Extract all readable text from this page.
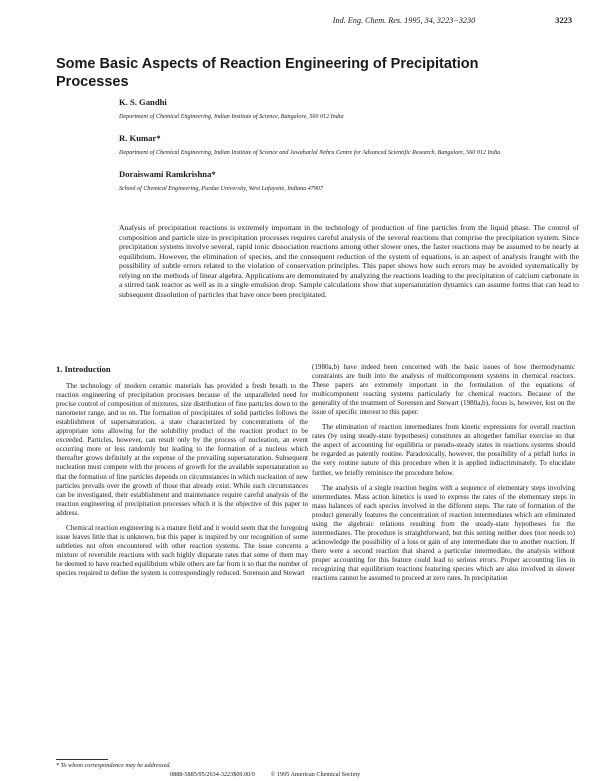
Ind. Eng. Chem. Res. 1995, 34, 3223−3230	3223
Some Basic Aspects of Reaction Engineering of Precipitation Processes
K. S. Gandhi
Department of Chemical Engineering, Indian Institute of Science, Bangalore, 560 012 India
R. Kumar*
Department of Chemical Engineering, Indian Institute of Science and Jawaharlal Nehru Centre for Advanced Scientific Research, Bangalore, 560 012 India
Doraiswami Ramkrishna*
School of Chemical Engineering, Purdue University, West Lafayette, Indiana 47907

Analysis of precipitation reactions is extremely important in the technology of production of fine particles from the liquid phase. The control of composition and particle size in precipitation processes requires careful analysis of the several reactions that comprise the precipitation system. Since precipitation systems involve several, rapid ionic dissociation reactions among other slower ones, the faster reactions may be assumed to be nearly at equilibrium. However, the elimination of species, and the consequent reduction of the system of equations, is an aspect of analysis fraught with the possibility of subtle errors related to the violation of conservation principles. This paper shows how such errors may be avoided systematically by relying on the methods of linear algebra. Applications are demonstrated by analyzing the reactions leading to the precipitation of calcium carbonate in a stirred tank reactor as well as in a single emulsion drop. Sample calculations show that supersaturation dynamics can assume forms that can lead to subsequent dissolution of particles that have once been precipitated.

1. Introduction

The technology of modern ceramic materials has provided a fresh breath to the reaction engineering of precipitation processes because of the unparalleled need for precise control of composition of mixtures, size distribution of fine particles down to the nanometer range, and so on. The formation of precipitates of solid particles follows the establishment of supersaturation, a state characterized by concentrations of the appropriate ions allowing for the solubility product of the reaction product to be exceeded. Particles, however, can result only by the process of nucleation, an event occurring more or less randomly but leading to the formation of a nucleus which thereafter grows definitely at the expense of the prevailing supersaturation. Subsequent nucleation must compete with the process of growth for the available supersaturation so that the formation of fine particles depends on circumstances in which nucleation of new particles prevails over the growth of those that already exist. While such circumstances can be investigated, their establishment and maintenance require careful analysis of the reaction engineering of precipitation processes which it is the objective of this paper to address.

Chemical reaction engineering is a mature field and it would seem that the foregoing issue leaves little that is unknown, but this paper is inspired by our recognition of some subtleties not often encountered with other reaction systems. The issue concerns a mixture of reversible reactions with such highly disparate rates that some of them may be deemed to have reached equilibrium while others are far from it so that the number of species required to define the system is correspondingly reduced. Sorenson and Stewart

(1980a,b) have indeed been concerned with the basic issues of how thermodynamic constraints are built into the analysis of multicomponent systems in chemical reactors. These papers are extremely important in the formulation of the equations of multicomponent reacting systems particularly for chemical reactors. Because of the generality of the treatment of Sorensen and Stewart (1980a,b), focus is, however, lost on the issue of specific interest to this paper.

The elimination of reaction intermediates from kinetic expressions for overall reaction rates (by using steady-state hypotheses) constitutes an altogether familiar exercise so that the aspect of accounting for equilibria or pseudo-steady states in reactions systems should be regarded as patently routine. Paradoxically, however, the possibility of a pitfall lurks in the very routine nature of this procedure when it is applied indiscriminately. To elucidate further, we briefly reminisce the procedure below.

The analysis of a single reaction begins with a sequence of elementary steps involving intermediates. Mass action kinetics is used to express the rates of the elementary steps in mass balances of each species involved in the different steps. The rate of formation of the product generally features the concentration of reaction intermediates which are eliminated using the algebraic relations resulting from the steady-state hypotheses for the intermediates. The procedure is straightforward, but this setting neither does (nor needs to) acknowledge the possibility of a loss or gain of any intermediate due to another reaction. If there were a second reaction that shared a particular intermediate, the analysis without proper accounting for this feature could lead to serious errors. Proper accounting lies in recognizing that equilibrium reactions featuring species which are also involved in slower reactions cannot be assumed to proceed at zero rates. In precipitation

* To whom correspondence may be addressed.
0888-5885/95/2634-3223$09.00/0	© 1995 American Chemical Society
